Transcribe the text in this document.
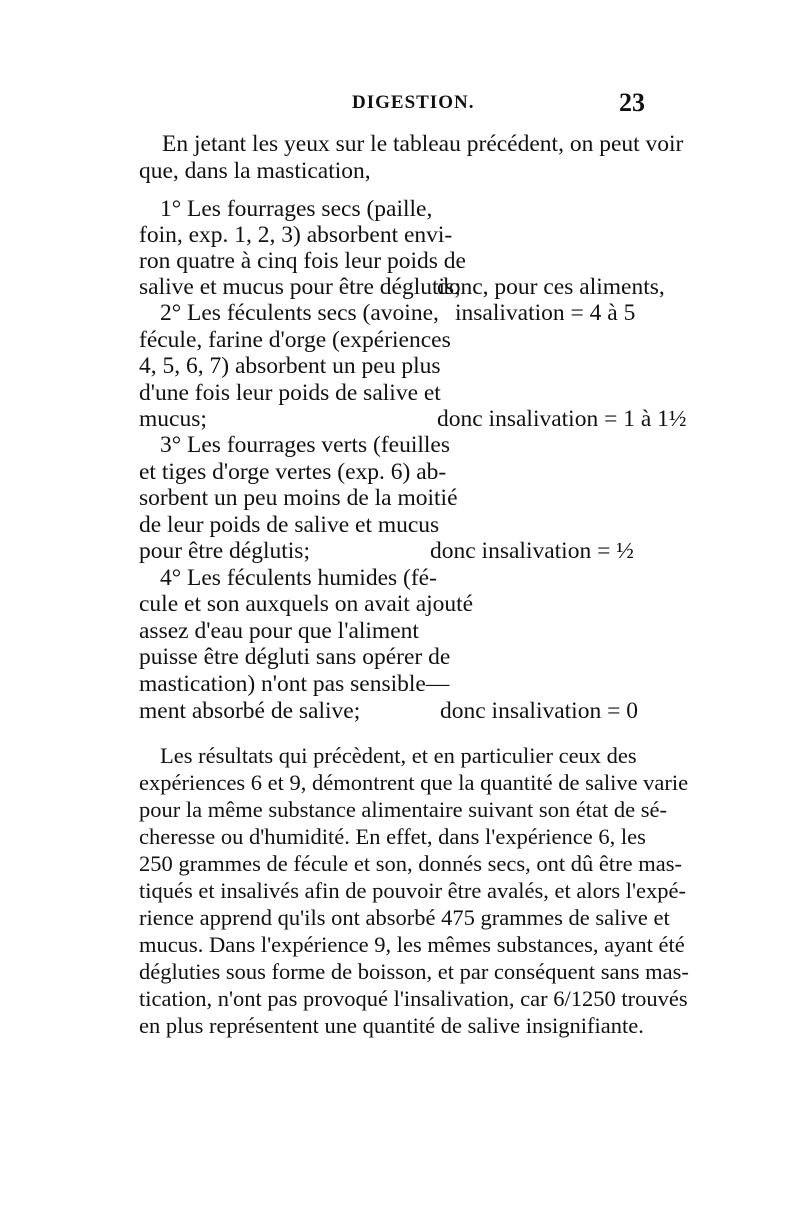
DIGESTION.	23
En jetant les yeux sur le tableau précédent, on peut voir
que, dans la mastication,
1° Les fourrages secs (paille,
foin, exp. 1, 2, 3) absorbent envi-
ron quatre à cinq fois leur poids de
salive et mucus pour être déglutis;
donc, pour ces aliments,
insalivation = 4 à 5
2° Les féculents secs (avoine,
fécule, farine d'orge (expériences
4, 5, 6, 7) absorbent un peu plus
d'une fois leur poids de salive et
mucus;	donc insalivation = 1 à 1½
3° Les fourrages verts (feuilles
et tiges d'orge vertes (exp. 6) ab-
sorbent un peu moins de la moitié
de leur poids de salive et mucus
pour être déglutis;	donc insalivation = ½
4° Les féculents humides (fé-
cule et son auxquels on avait ajouté
assez d'eau pour que l'aliment
puisse être dégluti sans opérer de
mastication) n'ont pas sensible—
ment absorbé de salive;	donc insalivation = 0
Les résultats qui précèdent, et en particulier ceux des
expériences 6 et 9, démontrent que la quantité de salive varie
pour la même substance alimentaire suivant son état de sé-
cheresse ou d'humidité. En effet, dans l'expérience 6, les
250 grammes de fécule et son, donnés secs, ont dû être mas-
tiqués et insalivés afin de pouvoir être avalés, et alors l'expé-
rience apprend qu'ils ont absorbé 475 grammes de salive et
mucus. Dans l'expérience 9, les mêmes substances, ayant été
dégluties sous forme de boisson, et par conséquent sans mas-
tication, n'ont pas provoqué l'insalivation, car 6/1250 trouvés
en plus représentent une quantité de salive insignifiante.
